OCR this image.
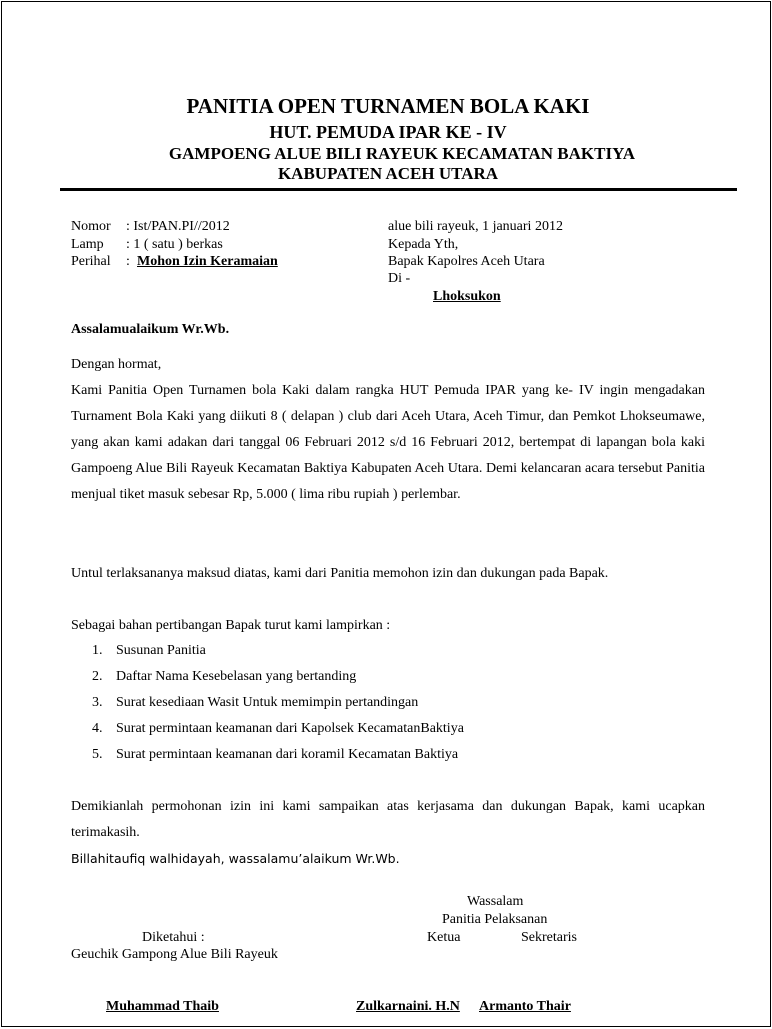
PANITIA OPEN TURNAMEN BOLA KAKI
HUT. PEMUDA IPAR KE - IV
GAMPOENG ALUE BILI RAYEUK KECAMATAN BAKTIYA
KABUPATEN ACEH UTARA
Nomor : Ist/PAN.PI//2012
Lamp : 1 ( satu ) berkas
Perihal : Mohon Izin Keramaian
alue bili rayeuk, 1 januari 2012
Kepada Yth,
Bapak Kapolres Aceh Utara
Di -
Lhoksukon
Assalamualaikum Wr.Wb.
Dengan hormat,
Kami Panitia Open Turnamen bola Kaki dalam rangka HUT Pemuda IPAR yang ke- IV ingin mengadakan Turnament Bola Kaki yang diikuti 8 ( delapan ) club dari Aceh Utara, Aceh Timur, dan Pemkot Lhokseumawe, yang akan kami adakan dari tanggal 06 Februari 2012 s/d 16 Februari 2012, bertempat di lapangan bola kaki Gampoeng Alue Bili Rayeuk Kecamatan Baktiya Kabupaten Aceh Utara. Demi kelancaran acara tersebut Panitia menjual tiket masuk sebesar Rp, 5.000 ( lima ribu rupiah ) perlembar.
Untul terlaksananya maksud diatas, kami dari Panitia memohon izin dan dukungan pada Bapak.
Sebagai bahan pertibangan Bapak turut kami lampirkan :
1. Susunan Panitia
2. Daftar Nama Kesebelasan yang bertanding
3. Surat kesediaan Wasit Untuk memimpin pertandingan
4. Surat permintaan keamanan dari Kapolsek KecamatanBaktiya
5. Surat permintaan keamanan dari koramil Kecamatan Baktiya
Demikianlah permohonan izin ini kami sampaikan atas kerjasama dan dukungan Bapak, kami ucapkan terimakasih.
Billahitaufiq walhidayah, wassalamu’alaikum Wr.Wb.
Wassalam
Panitia Pelaksanan
Diketahui :	Ketua	Sekretaris
Geuchik Gampong Alue Bili Rayeuk
Muhammad Thaib	Zulkarnaini. H.N Armanto Thair
